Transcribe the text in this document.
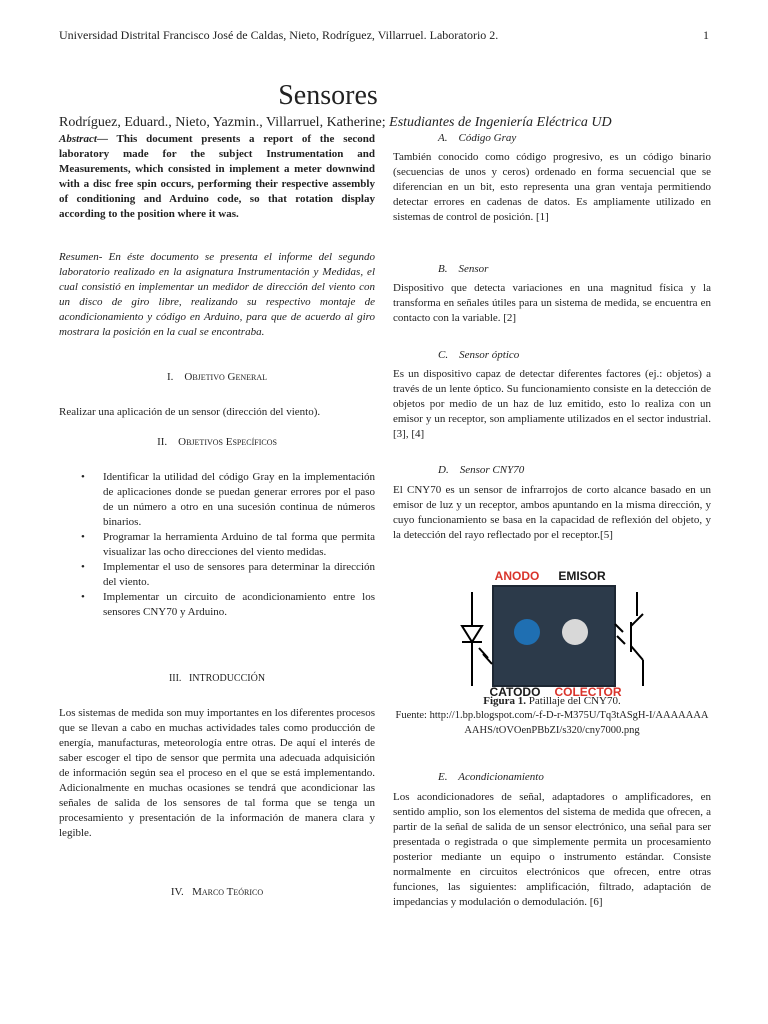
Universidad Distrital Francisco José de Caldas, Nieto, Rodríguez, Villarruel. Laboratorio 2.	1
Sensores
Rodríguez, Eduard., Nieto, Yazmin., Villarruel, Katherine; Estudiantes de Ingeniería Eléctrica UD
Abstract— This document presents a report of the second laboratory made for the subject Instrumentation and Measurements, which consisted in implement a meter downwind with a disc free spin occurs, performing their respective assembly of conditioning and Arduino code, so that rotation display according to the position where it was.
Resumen- En éste documento se presenta el informe del segundo laboratorio realizado en la asignatura Instrumentación y Medidas, el cual consistió en implementar un medidor de dirección del viento con un disco de giro libre, realizando su respectivo montaje de acondicionamiento y código en Arduino, para que de acuerdo al giro mostrara la posición en la cual se encontraba.
I. Objetivo General
Realizar una aplicación de un sensor (dirección del viento).
II. Objetivos Específicos
• Identificar la utilidad del código Gray en la implementación de aplicaciones donde se puedan generar errores por el paso de un número a otro en una sucesión continua de números binarios.
• Programar la herramienta Arduino de tal forma que permita visualizar las ocho direcciones del viento medidas.
• Implementar el uso de sensores para determinar la dirección del viento.
• Implementar un circuito de acondicionamiento entre los sensores CNY70 y Arduino.
III. INTRODUCCIÓN
Los sistemas de medida son muy importantes en los diferentes procesos que se llevan a cabo en muchas actividades tales como producción de energía, manufacturas, meteorología entre otras. De aquí el interés de saber escoger el tipo de sensor que permita una adecuada adquisición de información según sea el proceso en el que se está implementando. Adicionalmente en muchas ocasiones se tendrá que acondicionar las señales de salida de los sensores de tal forma que se tenga un procesamiento y presentación de la información de manera clara y legible.
IV. Marco Teórico
A. Código Gray
También conocido como código progresivo, es un código binario (secuencias de unos y ceros) ordenado en forma secuencial que se diferencian en un bit, esto representa una gran ventaja permitiendo detectar errores en cadenas de datos. Es ampliamente utilizado en sistemas de control de posición. [1]
B. Sensor
Dispositivo que detecta variaciones en una magnitud física y la transforma en señales útiles para un sistema de medida, se encuentra en contacto con la variable. [2]
C. Sensor óptico
Es un dispositivo capaz de detectar diferentes factores (ej.: objetos) a través de un lente óptico. Su funcionamiento consiste en la detección de objetos por medio de un haz de luz emitido, esto lo realiza con un emisor y un receptor, son ampliamente utilizados en el sector industrial. [3], [4]
D. Sensor CNY70
El CNY70 es un sensor de infrarrojos de corto alcance basado en un emisor de luz y un receptor, ambos apuntando en la misma dirección, y cuyo funcionamiento se basa en la capacidad de reflexión del objeto, y la detección del rayo reflectado por el receptor.[5]
ANODO EMISOR
CATODO COLECTOR
Figura 1. Patillaje del CNY70.
Fuente: http://1.bp.blogspot.com/-f-D-r-M375U/Tq3tASgH-I/AAAAAAAAAHS/tOVOenPBbZI/s320/cny7000.png
E. Acondicionamiento
Los acondicionadores de señal, adaptadores o amplificadores, en sentido amplio, son los elementos del sistema de medida que ofrecen, a partir de la señal de salida de un sensor electrónico, una señal para ser presentada o registrada o que simplemente permita un procesamiento posterior mediante un equipo o instrumento estándar. Consiste normalmente en circuitos electrónicos que ofrecen, entre otras funciones, las siguientes: amplificación, filtrado, adaptación de impedancias y modulación o demodulación. [6]
